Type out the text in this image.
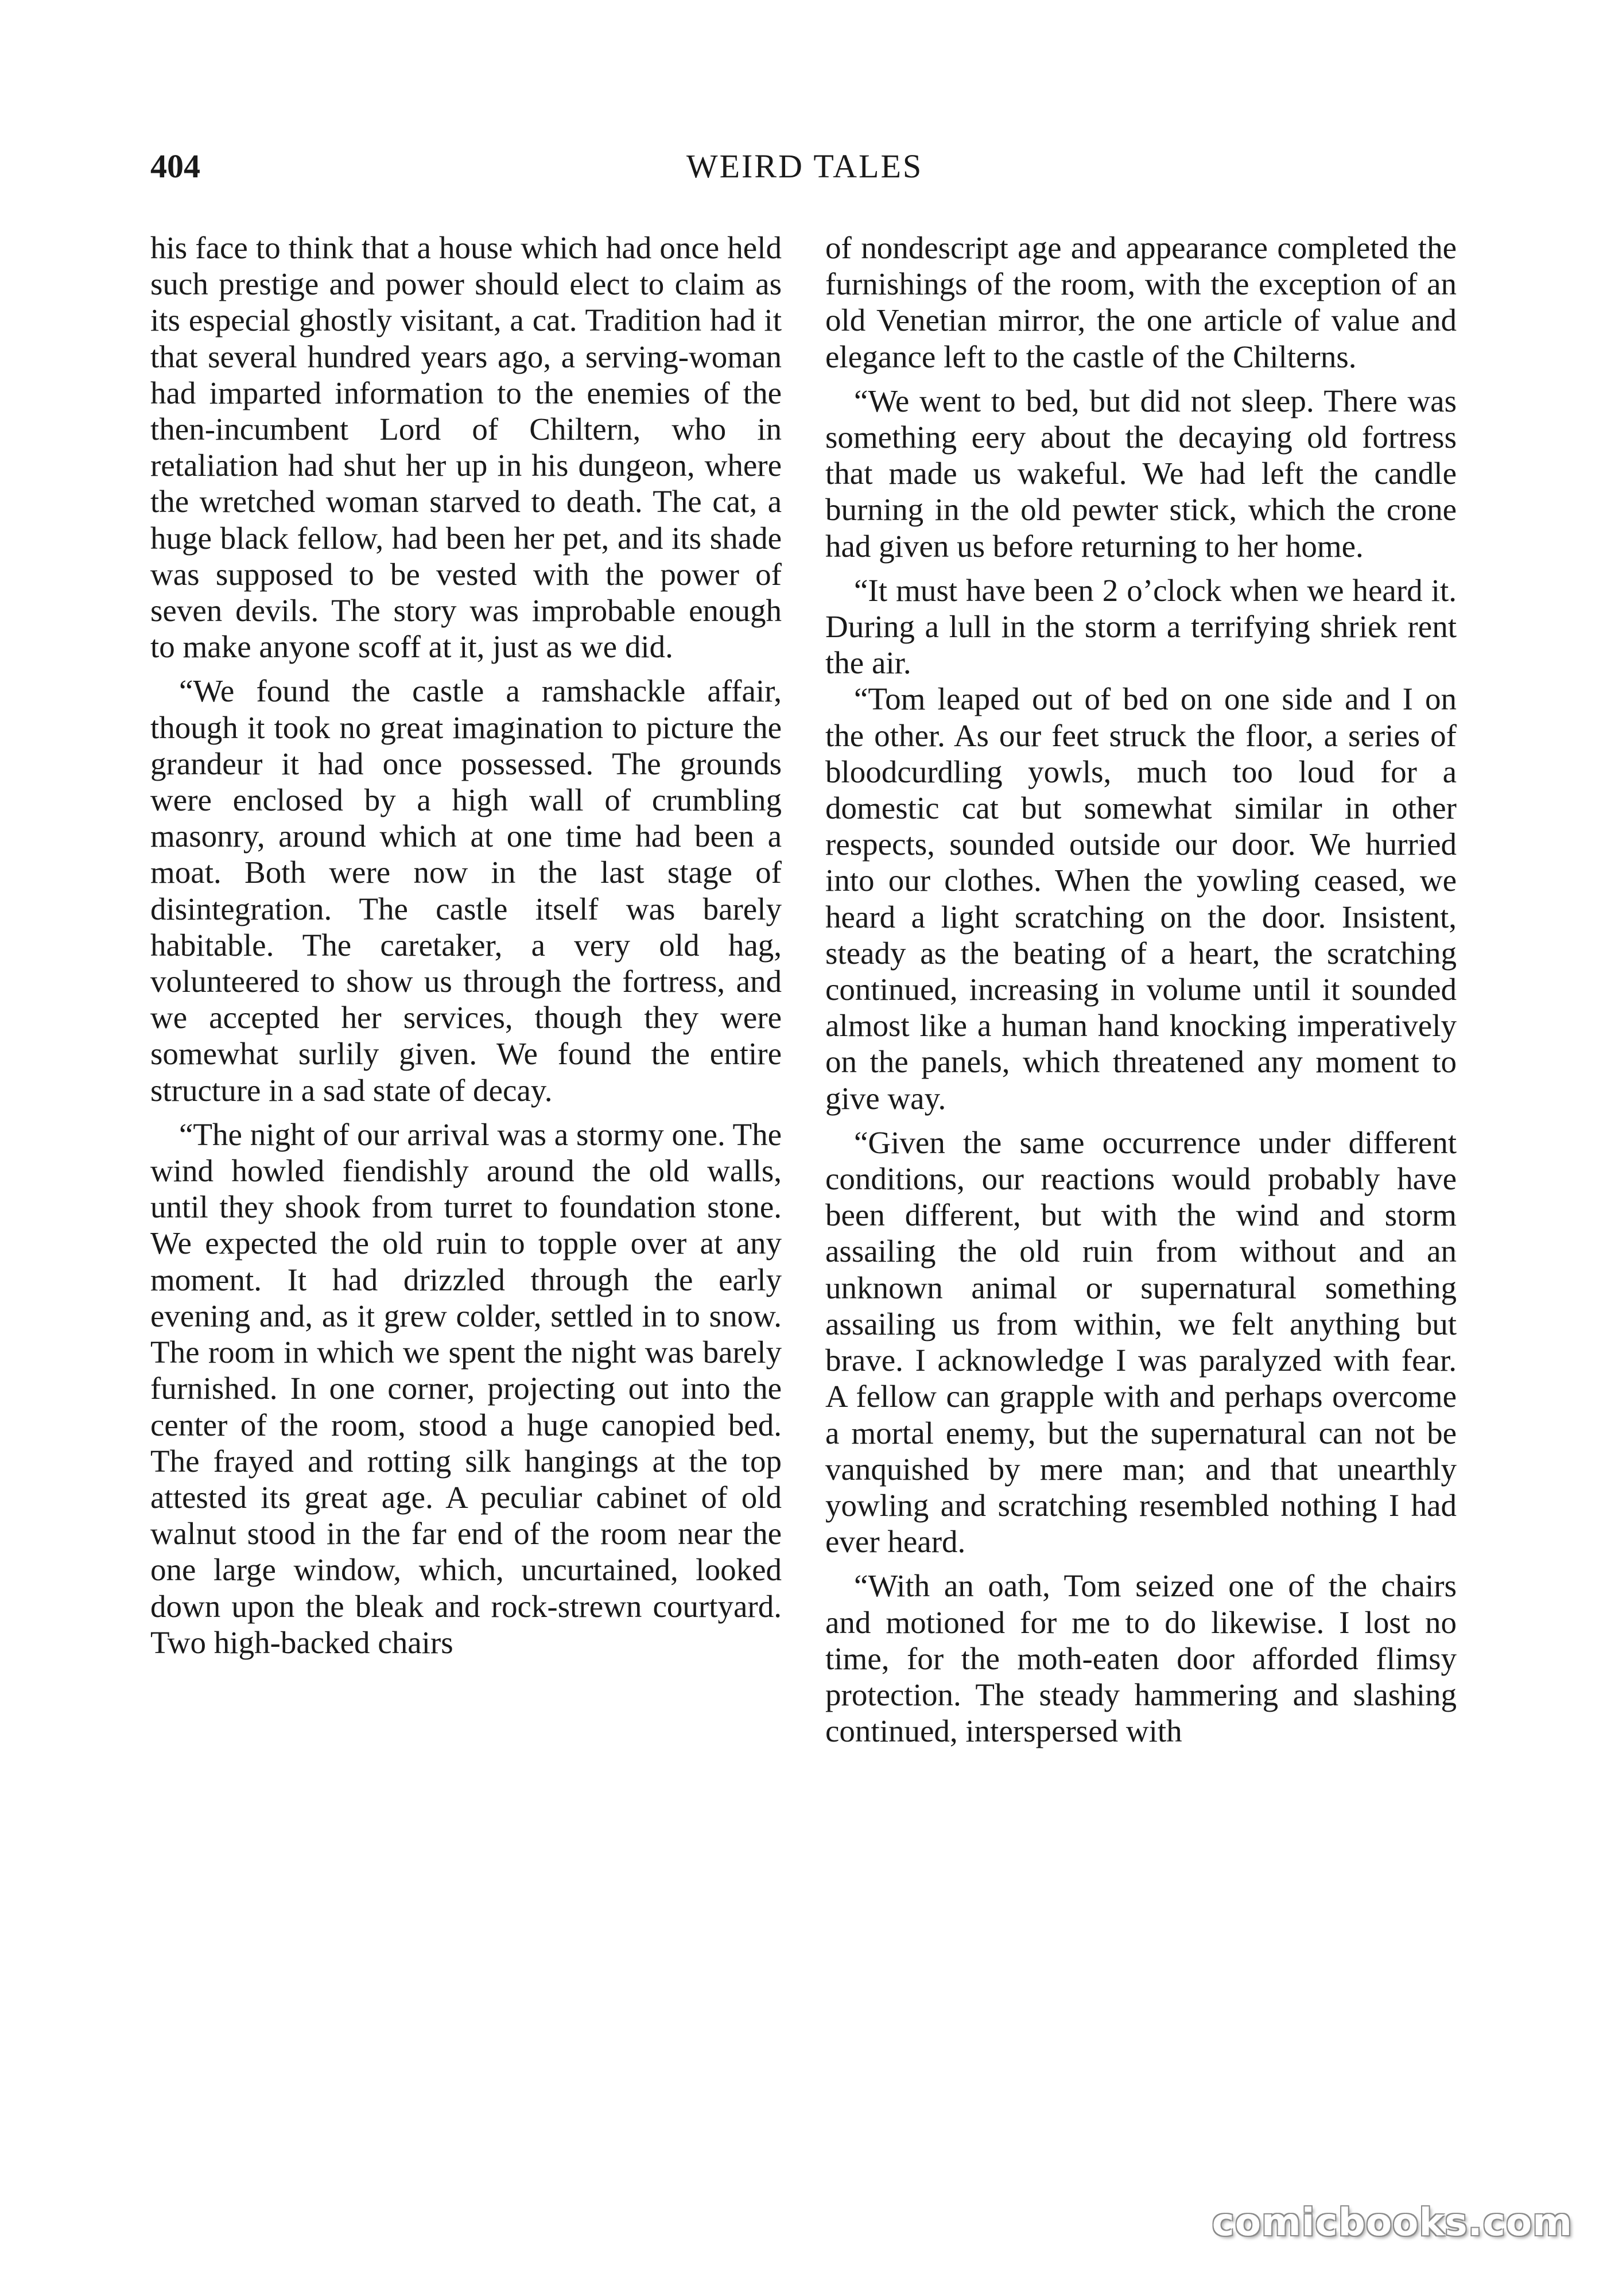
404	WEIRD TALES

his face to think that a house which had once held such prestige and power should elect to claim as its especial ghostly visitant, a cat. Tradition had it that several hundred years ago, a serving-woman had imparted information to the enemies of the then-incumbent Lord of Chiltern, who in retaliation had shut her up in his dungeon, where the wretched woman starved to death. The cat, a huge black fellow, had been her pet, and its shade was supposed to be vested with the power of seven devils. The story was improbable enough to make anyone scoff at it, just as we did.

“We found the castle a ramshackle affair, though it took no great imagination to picture the grandeur it had once possessed. The grounds were enclosed by a high wall of crumbling masonry, around which at one time had been a moat. Both were now in the last stage of disintegration. The castle itself was barely habitable. The caretaker, a very old hag, volunteered to show us through the fortress, and we accepted her services, though they were somewhat surlily given. We found the entire structure in a sad state of decay.

“The night of our arrival was a stormy one. The wind howled fiendishly around the old walls, until they shook from turret to foundation stone. We expected the old ruin to topple over at any moment. It had drizzled through the early evening and, as it grew colder, settled in to snow. The room in which we spent the night was barely furnished. In one corner, projecting out into the center of the room, stood a huge canopied bed. The frayed and rotting silk hangings at the top attested its great age. A peculiar cabinet of old walnut stood in the far end of the room near the one large window, which, uncurtained, looked down upon the bleak and rock-strewn courtyard. Two high-backed chairs

of nondescript age and appearance completed the furnishings of the room, with the exception of an old Venetian mirror, the one article of value and elegance left to the castle of the Chilterns.

“We went to bed, but did not sleep. There was something eery about the decaying old fortress that made us wakeful. We had left the candle burning in the old pewter stick, which the crone had given us before returning to her home.

“It must have been 2 o’clock when we heard it. During a lull in the storm a terrifying shriek rent the air.

“Tom leaped out of bed on one side and I on the other. As our feet struck the floor, a series of bloodcurdling yowls, much too loud for a domestic cat but somewhat similar in other respects, sounded outside our door. We hurried into our clothes. When the yowling ceased, we heard a light scratching on the door. Insistent, steady as the beating of a heart, the scratching continued, increasing in volume until it sounded almost like a human hand knocking imperatively on the panels, which threatened any moment to give way.

“Given the same occurrence under different conditions, our reactions would probably have been different, but with the wind and storm assailing the old ruin from without and an unknown animal or supernatural something assailing us from within, we felt anything but brave. I acknowledge I was paralyzed with fear. A fellow can grapple with and perhaps overcome a mortal enemy, but the supernatural can not be vanquished by mere man; and that unearthly yowling and scratching resembled nothing I had ever heard.

“With an oath, Tom seized one of the chairs and motioned for me to do likewise. I lost no time, for the moth-eaten door afforded flimsy protection. The steady hammering and slashing continued, interspersed with

comicbooks.com
